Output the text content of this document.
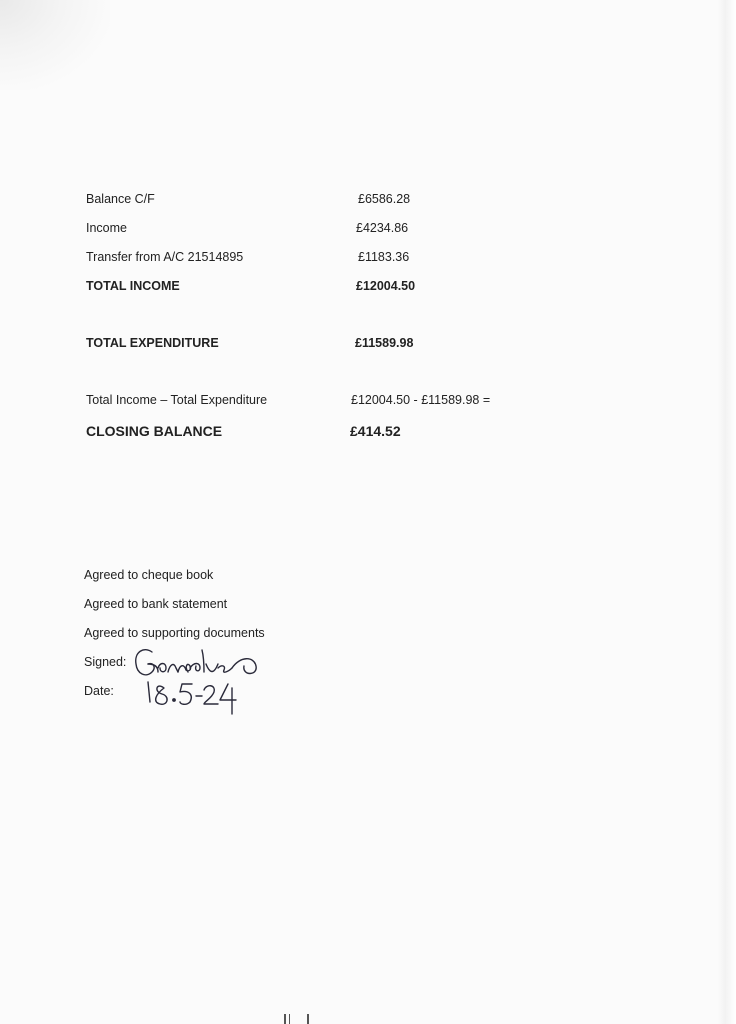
Balance C/F	£6586.28
Income	£4234.86
Transfer from A/C 21514895	£1183.36
TOTAL INCOME	£12004.50
TOTAL EXPENDITURE	£11589.98
Total Income – Total Expenditure	£12004.50 - £11589.98 =
CLOSING BALANCE	£414.52
Agreed to cheque book
Agreed to bank statement
Agreed to supporting documents
Signed:
Date:
